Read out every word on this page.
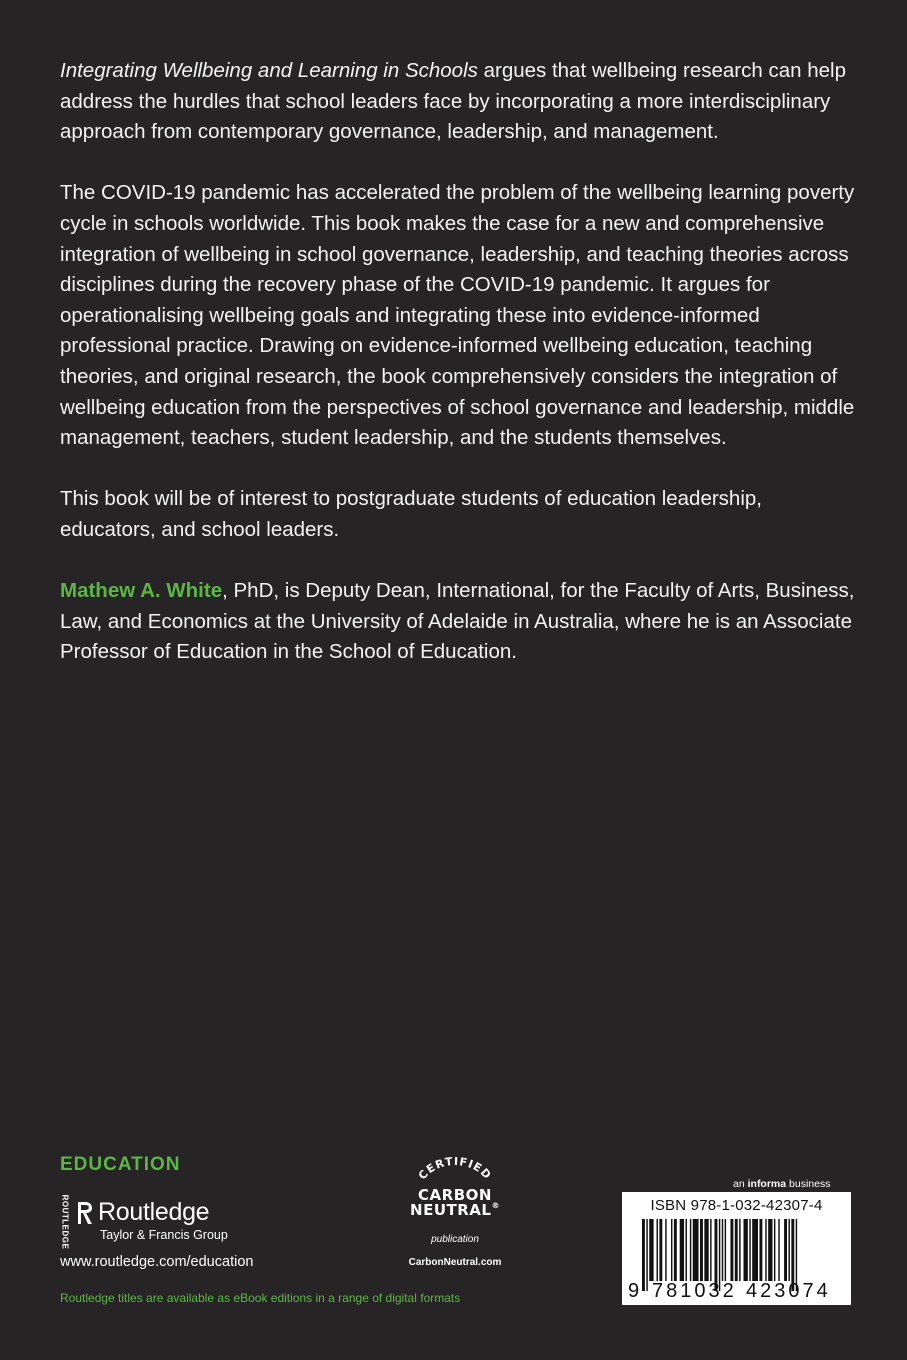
Integrating Wellbeing and Learning in Schools argues that wellbeing research can help address the hurdles that school leaders face by incorporating a more interdisciplinary approach from contemporary governance, leadership, and management.

The COVID-19 pandemic has accelerated the problem of the wellbeing learning poverty cycle in schools worldwide. This book makes the case for a new and comprehensive integration of wellbeing in school governance, leadership, and teaching theories across disciplines during the recovery phase of the COVID-19 pandemic. It argues for operationalising wellbeing goals and integrating these into evidence-informed professional practice. Drawing on evidence-informed wellbeing education, teaching theories, and original research, the book comprehensively considers the integration of wellbeing education from the perspectives of school governance and leadership, middle management, teachers, student leadership, and the students themselves.

This book will be of interest to postgraduate students of education leadership, educators, and school leaders.

Mathew A. White, PhD, is Deputy Dean, International, for the Faculty of Arts, Business, Law, and Economics at the University of Adelaide in Australia, where he is an Associate Professor of Education in the School of Education.

EDUCATION
ROUTLEDGE Routledge
Taylor & Francis Group
www.routledge.com/education
Routledge titles are available as eBook editions in a range of digital formats
CERTIFIED
CARBON
NEUTRAL®
publication
CarbonNeutral.com
an informa business
ISBN 978-1-032-42307-4
9 781032 423074
